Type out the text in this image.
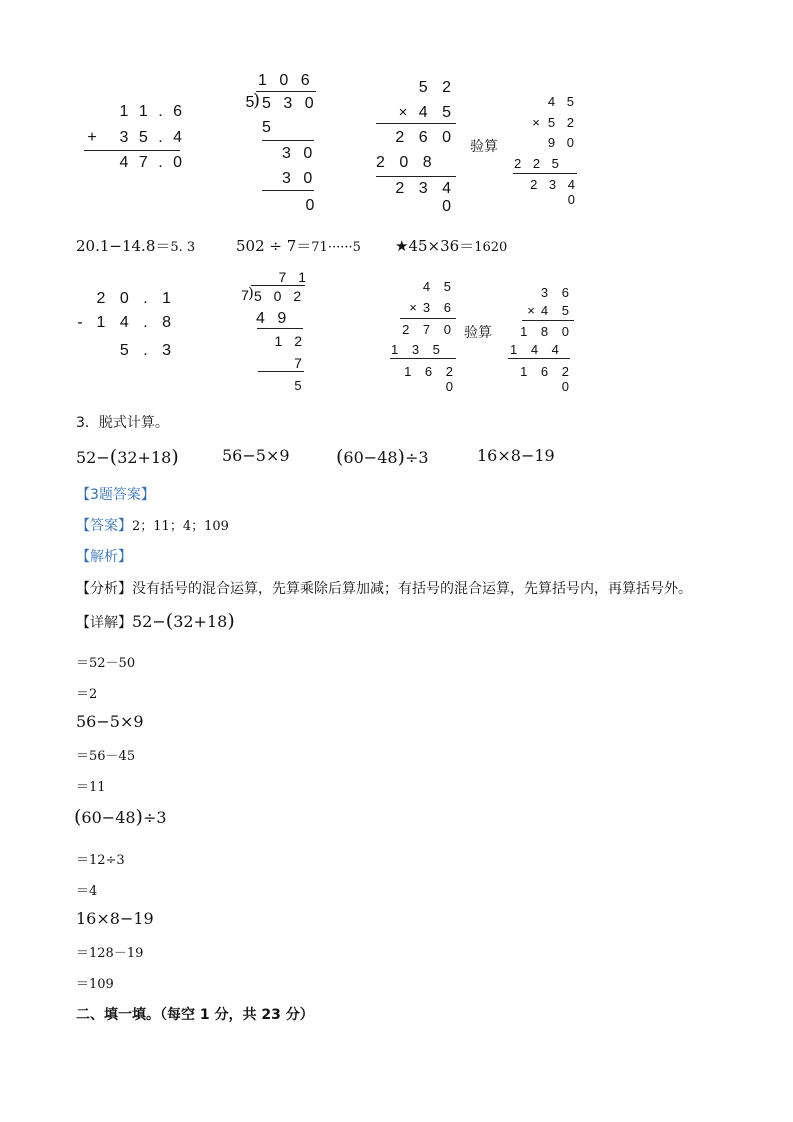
1 1 . 6
+	3 5 . 4
4 7 . 0
1 0 6
5
) 5 3 0
5
3 0
3 0
0
5 2
× 4 5
2 6 0
2 0 8
2 3 4 0
验算
4 5
× 5 2
9 0
2 2 5
2 3 4 0
20.1−14.8＝5. 3	502 ÷ 7＝71······5 ★45×36＝1620
2 0 . 1
- 1 4 . 8
5 . 3
7 1
7 ) 5 0 2
4 9
1 2
7
5
4 5
× 3 6
2 7 0
1 3 5
1 6 2 0
验算
3 6
× 4 5
1 8 0
1 4 4
1 6 2 0
3．脱式计算。
52−(32+18)	56−5×9 (60−48)÷3	16×8−19
【3题答案】
【答案】2；11；4；109
【解析】
【分析】没有括号的混合运算，先算乘除后算加减；有括号的混合运算，先算括号内，再算括号外。
【详解】52−(32+18)
＝52－50
＝2
56−5×9
＝56－45
＝11
(60−48)÷3
＝12÷3
＝4
16×8−19
＝128－19
＝109
二、填一填。（每空 1 分，共 23 分）
